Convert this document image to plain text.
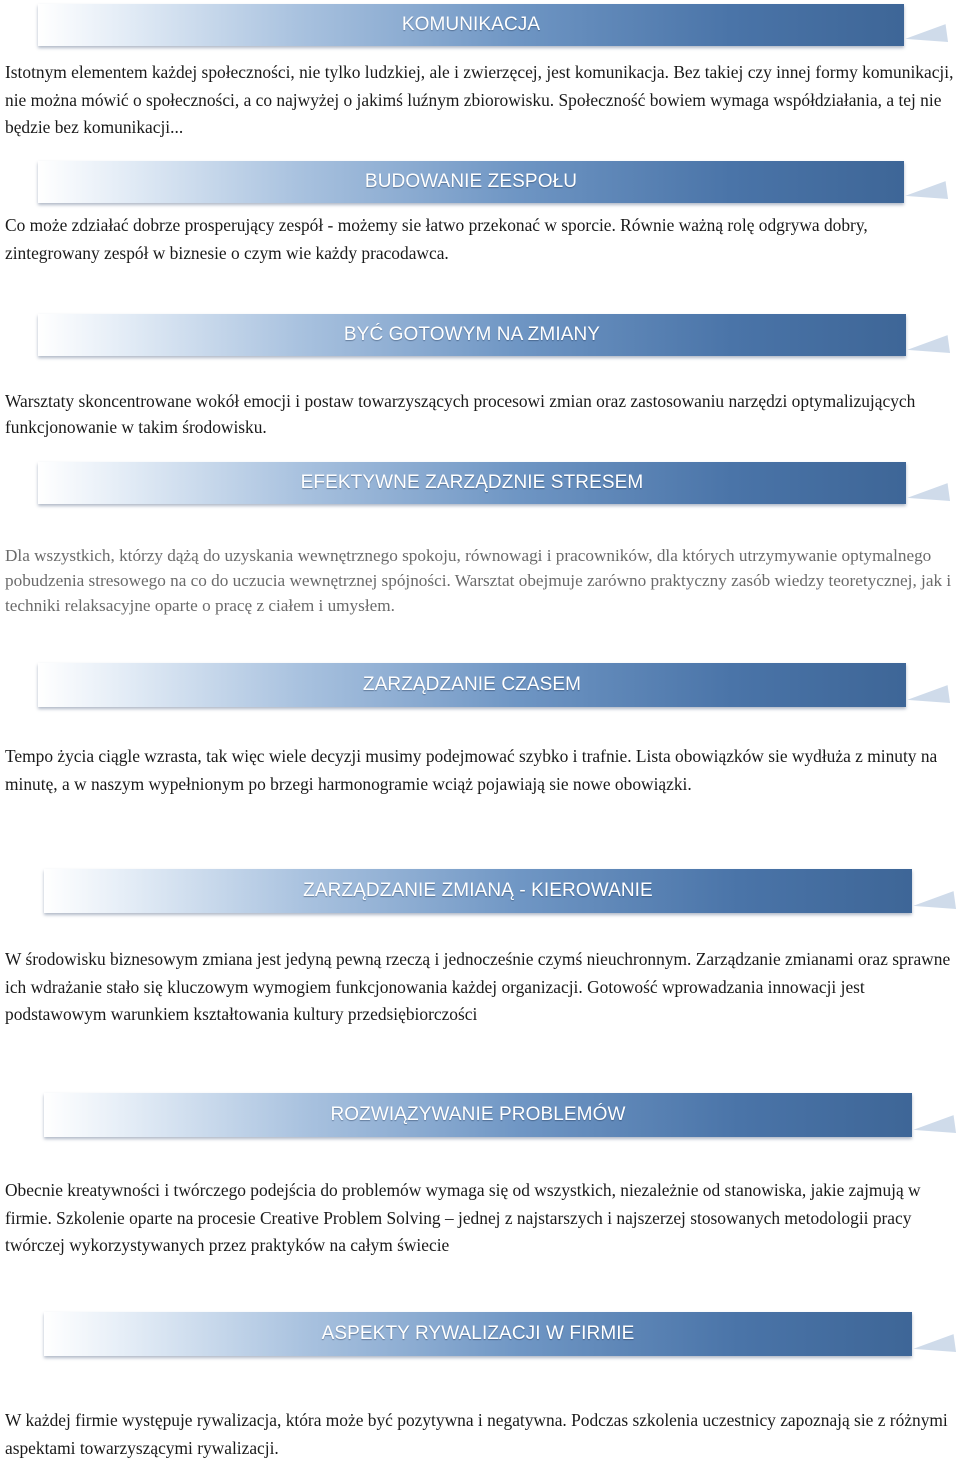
KOMUNIKACJA

Istotnym elementem każdej społeczności, nie tylko ludzkiej, ale i zwierzęcej, jest komunikacja. Bez takiej czy innej formy komunikacji, nie można mówić o społeczności, a co najwyżej o jakimś luźnym zbiorowisku. Społeczność bowiem wymaga współdziałania, a tej nie będzie bez komunikacji...

BUDOWANIE ZESPOŁU

Co może zdziałać dobrze prosperujący zespół - możemy sie łatwo przekonać w sporcie. Równie ważną rolę odgrywa dobry, zintegrowany zespół w biznesie o czym wie każdy pracodawca.

BYĆ GOTOWYM NA ZMIANY

Warsztaty skoncentrowane wokół emocji i postaw towarzyszących procesowi zmian oraz zastosowaniu narzędzi optymalizujących funkcjonowanie w takim środowisku.

EFEKTYWNE ZARZĄDZNIE STRESEM

Dla wszystkich, którzy dążą do uzyskania wewnętrznego spokoju, równowagi i pracowników, dla których utrzymywanie optymalnego pobudzenia stresowego na co do uczucia wewnętrznej spójności. Warsztat obejmuje zarówno praktyczny zasób wiedzy teoretycznej, jak i techniki relaksacyjne oparte o pracę z ciałem i umysłem.

ZARZĄDZANIE CZASEM

Tempo życia ciągle wzrasta, tak więc wiele decyzji musimy podejmować szybko i trafnie. Lista obowiązków sie wydłuża z minuty na minutę, a w naszym wypełnionym po brzegi harmonogramie wciąż pojawiają sie nowe obowiązki.

ZARZĄDZANIE ZMIANĄ - KIEROWANIE

W środowisku biznesowym zmiana jest jedyną pewną rzeczą i jednocześnie czymś nieuchronnym. Zarządzanie zmianami oraz sprawne ich wdrażanie stało się kluczowym wymogiem funkcjonowania każdej organizacji. Gotowość wprowadzania innowacji jest podstawowym warunkiem kształtowania kultury przedsiębiorczości

ROZWIĄZYWANIE PROBLEMÓW

Obecnie kreatywności i twórczego podejścia do problemów wymaga się od wszystkich, niezależnie od stanowiska, jakie zajmują w firmie. Szkolenie oparte na procesie Creative Problem Solving – jednej z najstarszych i najszerzej stosowanych metodologii pracy twórczej wykorzystywanych przez praktyków na całym świecie

ASPEKTY RYWALIZACJI W FIRMIE

W każdej firmie występuje rywalizacja, która może być pozytywna i negatywna. Podczas szkolenia uczestnicy zapoznają sie z różnymi aspektami towarzyszącymi rywalizacji.
